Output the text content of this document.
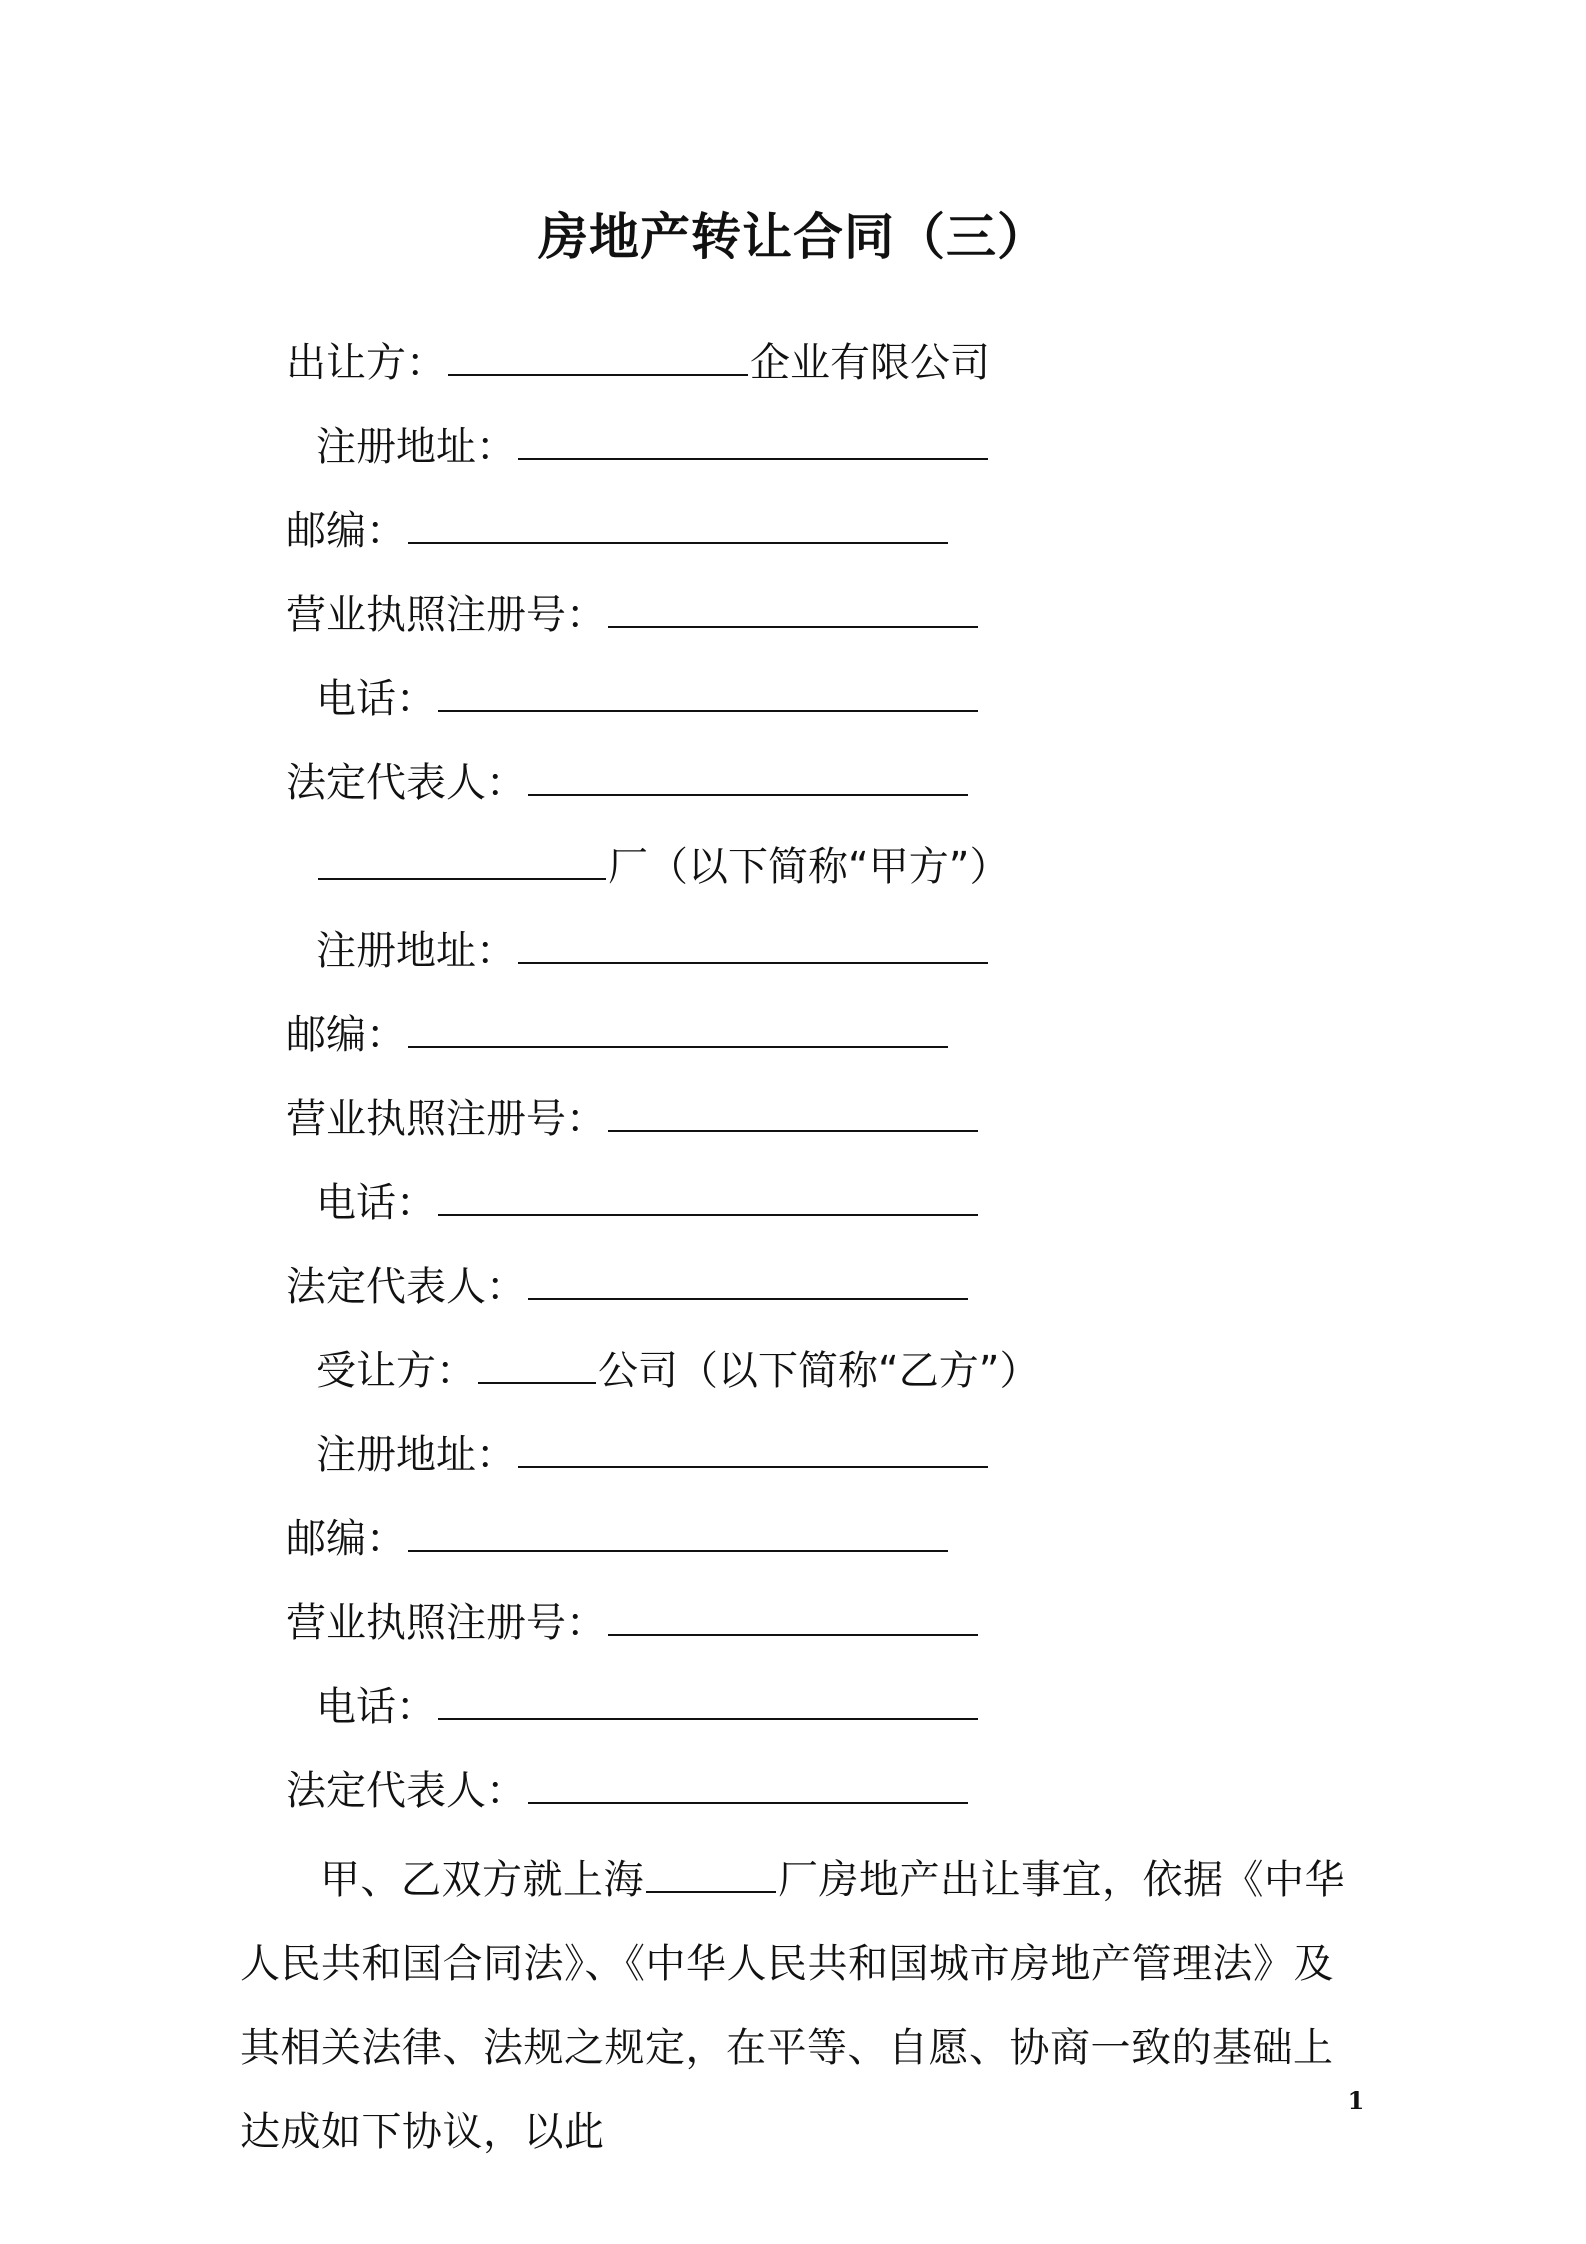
房地产转让合同（三）
出让方：	企业有限公司
注册地址：
邮编：
营业执照注册号：
电话：
法定代表人：
厂（以下简称“甲方”）
注册地址：
邮编：
营业执照注册号：
电话：
法定代表人：
受让方：	公司（以下简称“乙方”）
注册地址：
邮编：
营业执照注册号：
电话：
法定代表人：
甲、乙双方就上海	厂房地产出让事宜，依据《中华人民共和国合同法》、《中华人民共和国城市房地产管理法》及其相关法律、法规之规定，在平等、自愿、协商一致的基础上达成如下协议，以此
1
